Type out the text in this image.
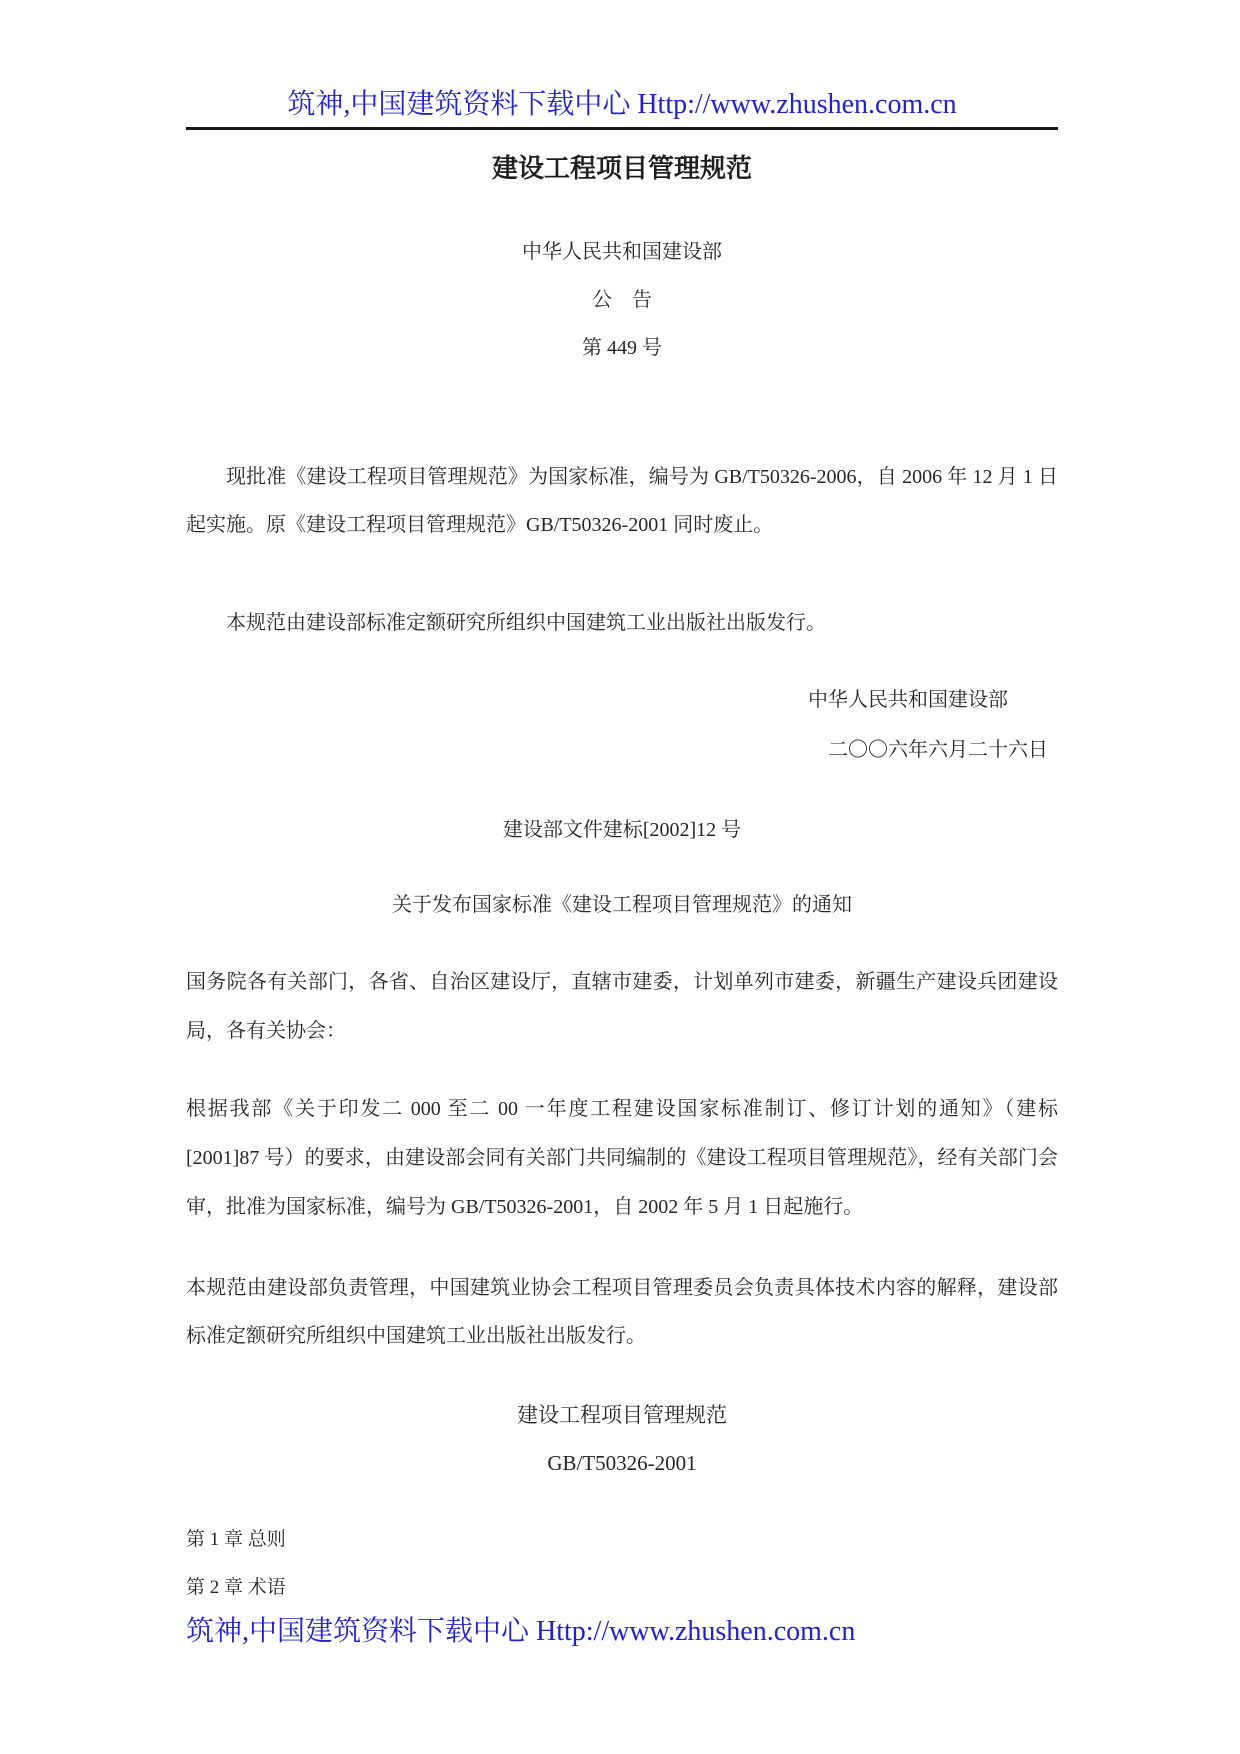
筑神,中国建筑资料下载中心 Http://www.zhushen.com.cn
建设工程项目管理规范
中华人民共和国建设部
公　告
第 449 号
现批准《建设工程项目管理规范》为国家标准，编号为 GB/T50326-2006，自 2006 年 12 月 1 日起实施。原《建设工程项目管理规范》GB/T50326-2001 同时废止。
本规范由建设部标准定额研究所组织中国建筑工业出版社出版发行。
中华人民共和国建设部
二〇〇六年六月二十六日
建设部文件建标[2002]12 号
关于发布国家标准《建设工程项目管理规范》的通知
国务院各有关部门，各省、自治区建设厅，直辖市建委，计划单列市建委，新疆生产建设兵团建设局，各有关协会：
根据我部《关于印发二 000 至二 00 一年度工程建设国家标准制订、修订计划的通知》（建标[2001]87 号）的要求，由建设部会同有关部门共同编制的《建设工程项目管理规范》，经有关部门会审，批准为国家标准，编号为 GB/T50326-2001，自 2002 年 5 月 1 日起施行。
本规范由建设部负责管理，中国建筑业协会工程项目管理委员会负责具体技术内容的解释，建设部标准定额研究所组织中国建筑工业出版社出版发行。
建设工程项目管理规范
GB/T50326-2001
第 1 章 总则
第 2 章 术语
筑神,中国建筑资料下载中心 Http://www.zhushen.com.cn
